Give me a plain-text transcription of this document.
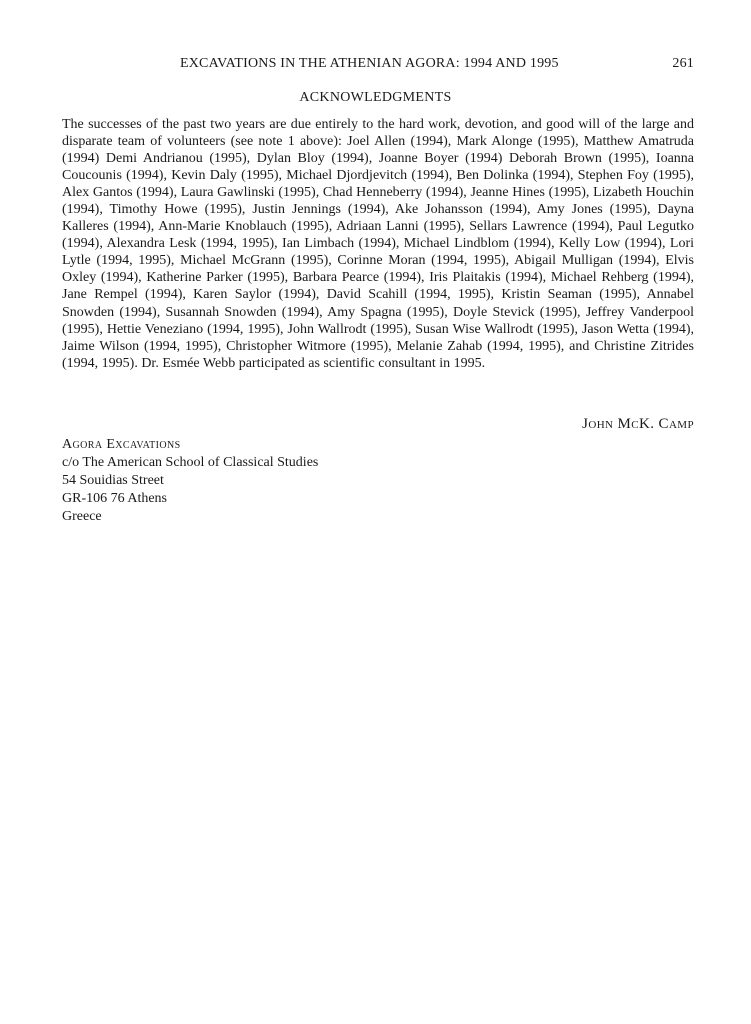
EXCAVATIONS IN THE ATHENIAN AGORA: 1994 AND 1995	261
ACKNOWLEDGMENTS

The successes of the past two years are due entirely to the hard work, devotion, and good will of the large and disparate team of volunteers (see note 1 above): Joel Allen (1994), Mark Alonge (1995), Matthew Amatruda (1994) Demi Andrianou (1995), Dylan Bloy (1994), Joanne Boyer (1994) Deborah Brown (1995), Ioanna Coucounis (1994), Kevin Daly (1995), Michael Djordjevitch (1994), Ben Dolinka (1994), Stephen Foy (1995), Alex Gantos (1994), Laura Gawlinski (1995), Chad Henneberry (1994), Jeanne Hines (1995), Lizabeth Houchin (1994), Timothy Howe (1995), Justin Jennings (1994), Ake Johansson (1994), Amy Jones (1995), Dayna Kalleres (1994), Ann-Marie Knoblauch (1995), Adriaan Lanni (1995), Sellars Lawrence (1994), Paul Legutko (1994), Alexandra Lesk (1994, 1995), Ian Limbach (1994), Michael Lindblom (1994), Kelly Low (1994), Lori Lytle (1994, 1995), Michael McGrann (1995), Corinne Moran (1994, 1995), Abigail Mulligan (1994), Elvis Oxley (1994), Katherine Parker (1995), Barbara Pearce (1994), Iris Plaitakis (1994), Michael Rehberg (1994), Jane Rempel (1994), Karen Saylor (1994), David Scahill (1994, 1995), Kristin Seaman (1995), Annabel Snowden (1994), Susannah Snowden (1994), Amy Spagna (1995), Doyle Stevick (1995), Jeffrey Vanderpool (1995), Hettie Veneziano (1994, 1995), John Wallrodt (1995), Susan Wise Wallrodt (1995), Jason Wetta (1994), Jaime Wilson (1994, 1995), Christopher Witmore (1995), Melanie Zahab (1994, 1995), and Christine Zitrides (1994, 1995). Dr. Esmée Webb participated as scientific consultant in 1995.

John McK. Camp
Agora Excavations
c/o The American School of Classical Studies
54 Souidias Street
GR-106 76 Athens
Greece
